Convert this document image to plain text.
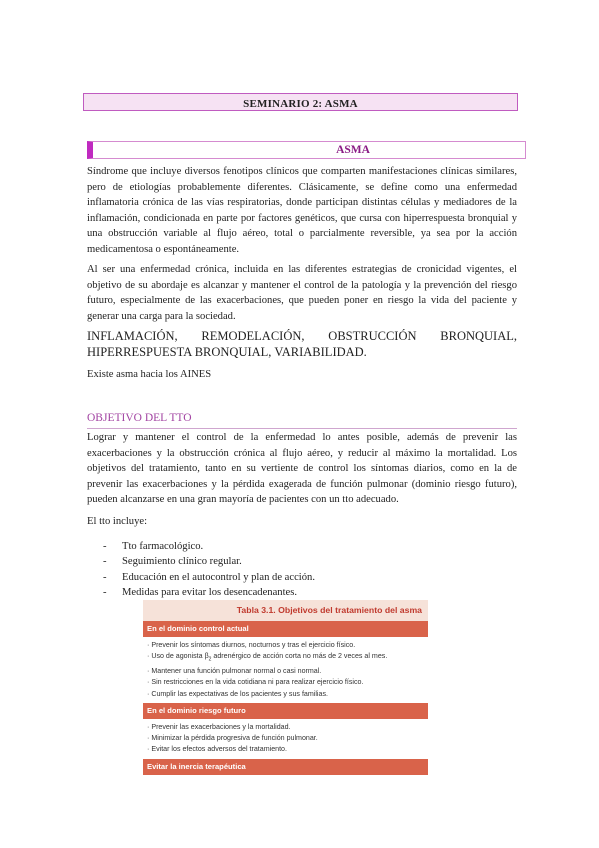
SEMINARIO 2: ASMA
ASMA

Síndrome que incluye diversos fenotipos clínicos que comparten manifestaciones clínicas similares, pero de etiologías probablemente diferentes. Clásicamente, se define como una enfermedad inflamatoria crónica de las vías respiratorias, donde participan distintas células y mediadores de la inflamación, condicionada en parte por factores genéticos, que cursa con hiperrespuesta bronquial y una obstrucción variable al flujo aéreo, total o parcialmente reversible, ya sea por la acción medicamentosa o espontáneamente.

Al ser una enfermedad crónica, incluida en las diferentes estrategias de cronicidad vigentes, el objetivo de su abordaje es alcanzar y mantener el control de la patología y la prevención del riesgo futuro, especialmente de las exacerbaciones, que pueden poner en riesgo la vida del paciente y generar una carga para la sociedad.

INFLAMACIÓN, REMODELACIÓN, OBSTRUCCIÓN BRONQUIAL, HIPERRESPUESTA BRONQUIAL, VARIABILIDAD.

Existe asma hacia los AINES

OBJETIVO DEL TTO

Lograr y mantener el control de la enfermedad lo antes posible, además de prevenir las exacerbaciones y la obstrucción crónica al flujo aéreo, y reducir al máximo la mortalidad. Los objetivos del tratamiento, tanto en su vertiente de control los síntomas diarios, como en la de prevenir las exacerbaciones y la pérdida exagerada de función pulmonar (dominio riesgo futuro), pueden alcanzarse en una gran mayoría de pacientes con un tto adecuado.

El tto incluye:

- Tto farmacológico.
- Seguimiento clínico regular.
- Educación en el autocontrol y plan de acción.
- Medidas para evitar los desencadenantes.
Tabla 3.1. Objetivos del tratamiento del asma
En el dominio control actual
· Prevenir los síntomas diurnos, nocturnos y tras el ejercicio físico.
· Uso de agonista $\beta_2$ adrenérgico de acción corta no más de 2 veces al mes.
· Mantener una función pulmonar normal o casi normal.
· Sin restricciones en la vida cotidiana ni para realizar ejercicio físico.
· Cumplir las expectativas de los pacientes y sus familias.
En el dominio riesgo futuro
· Prevenir las exacerbaciones y la mortalidad.
· Minimizar la pérdida progresiva de función pulmonar.
· Evitar los efectos adversos del tratamiento.
Evitar la inercia terapéutica
